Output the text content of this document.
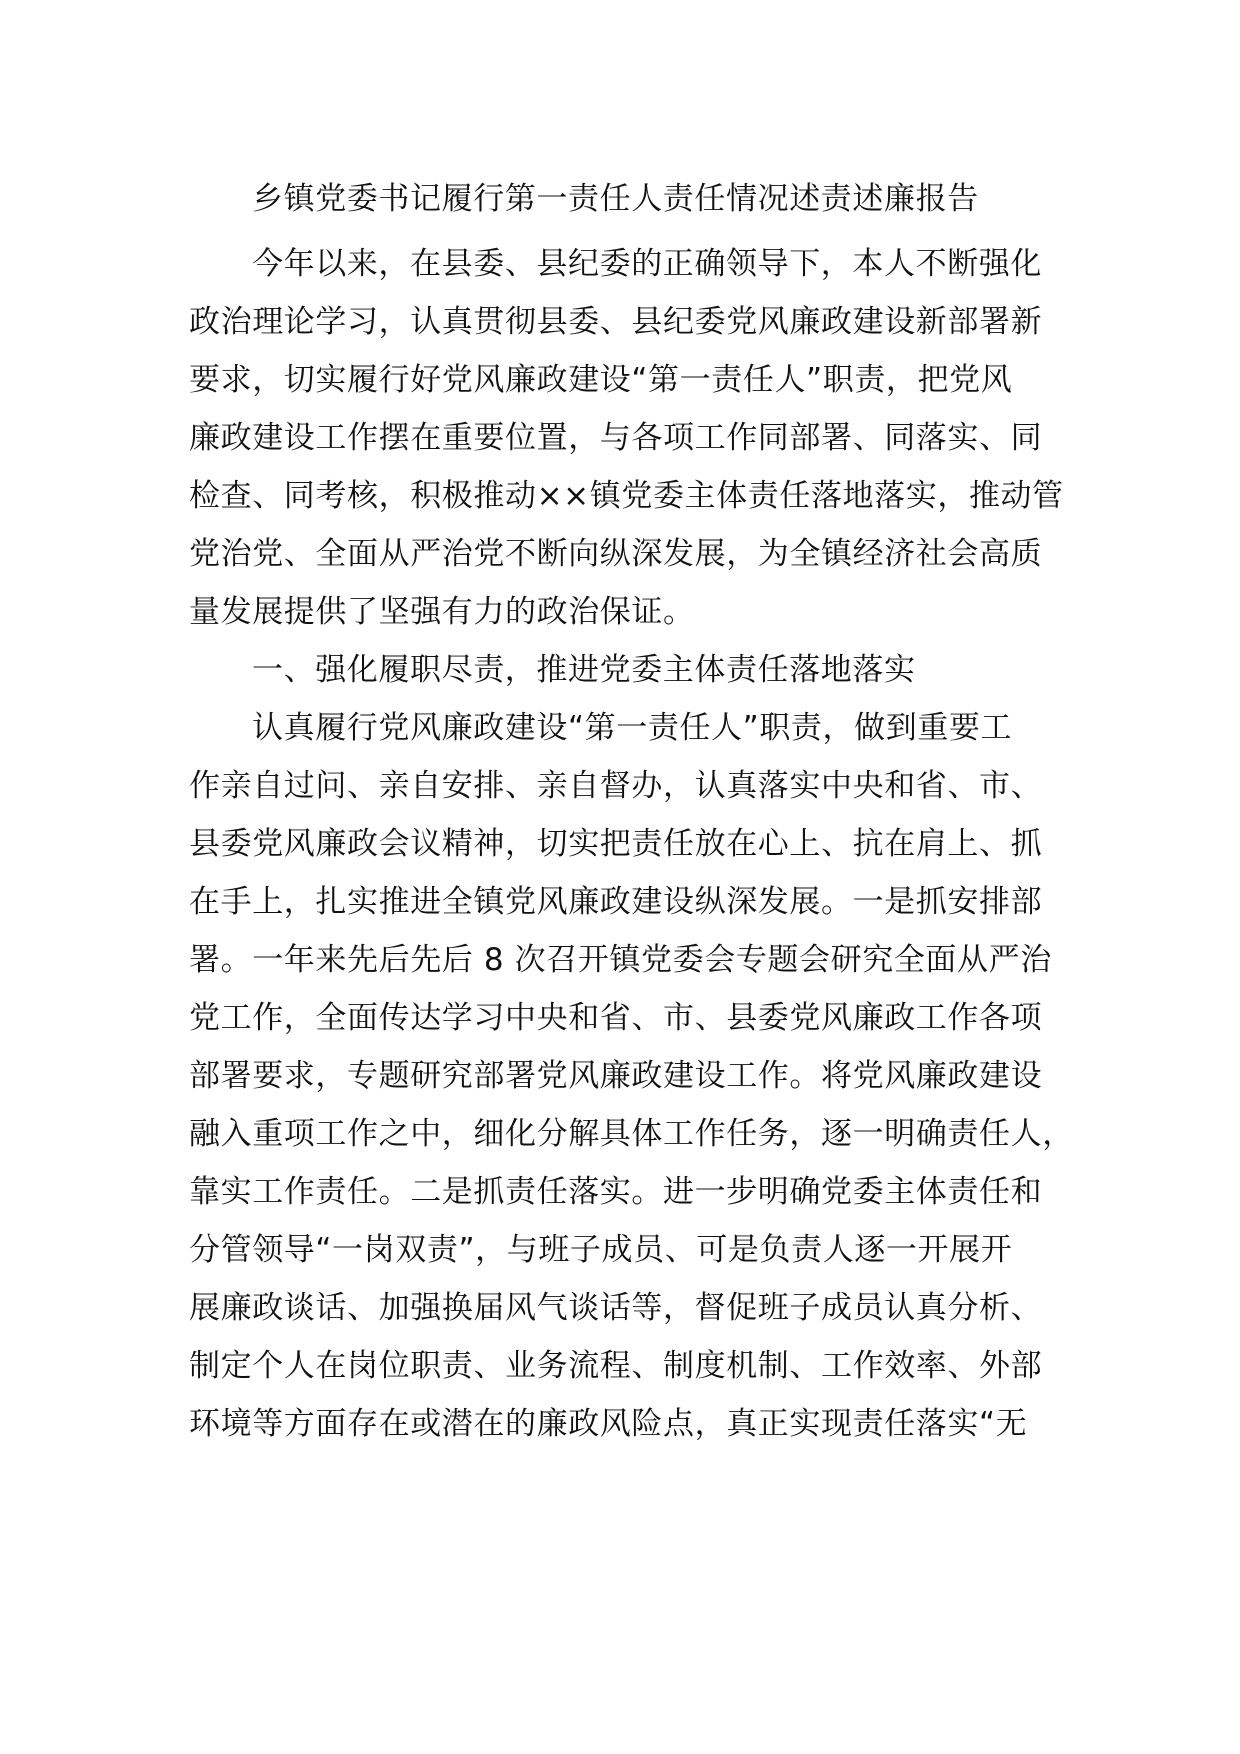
乡镇党委书记履行第一责任人责任情况述责述廉报告
今年以来，在县委、县纪委的正确领导下，本人不断强化
政治理论学习，认真贯彻县委、县纪委党风廉政建设新部署新
要求，切实履行好党风廉政建设“第一责任人”职责，把党风
廉政建设工作摆在重要位置，与各项工作同部署、同落实、同
检查、同考核，积极推动××镇党委主体责任落地落实，推动管
党治党、全面从严治党不断向纵深发展，为全镇经济社会高质
量发展提供了坚强有力的政治保证。
一、强化履职尽责，推进党委主体责任落地落实
认真履行党风廉政建设“第一责任人”职责，做到重要工
作亲自过问、亲自安排、亲自督办，认真落实中央和省、市、
县委党风廉政会议精神，切实把责任放在心上、抗在肩上、抓
在手上，扎实推进全镇党风廉政建设纵深发展。一是抓安排部
署。一年来先后先后 8 次召开镇党委会专题会研究全面从严治
党工作，全面传达学习中央和省、市、县委党风廉政工作各项
部署要求，专题研究部署党风廉政建设工作。将党风廉政建设
融入重项工作之中，细化分解具体工作任务，逐一明确责任人，
靠实工作责任。二是抓责任落实。进一步明确党委主体责任和
分管领导“一岗双责”，与班子成员、可是负责人逐一开展开
展廉政谈话、加强换届风气谈话等，督促班子成员认真分析、
制定个人在岗位职责、业务流程、制度机制、工作效率、外部
环境等方面存在或潜在的廉政风险点，真正实现责任落实“无
